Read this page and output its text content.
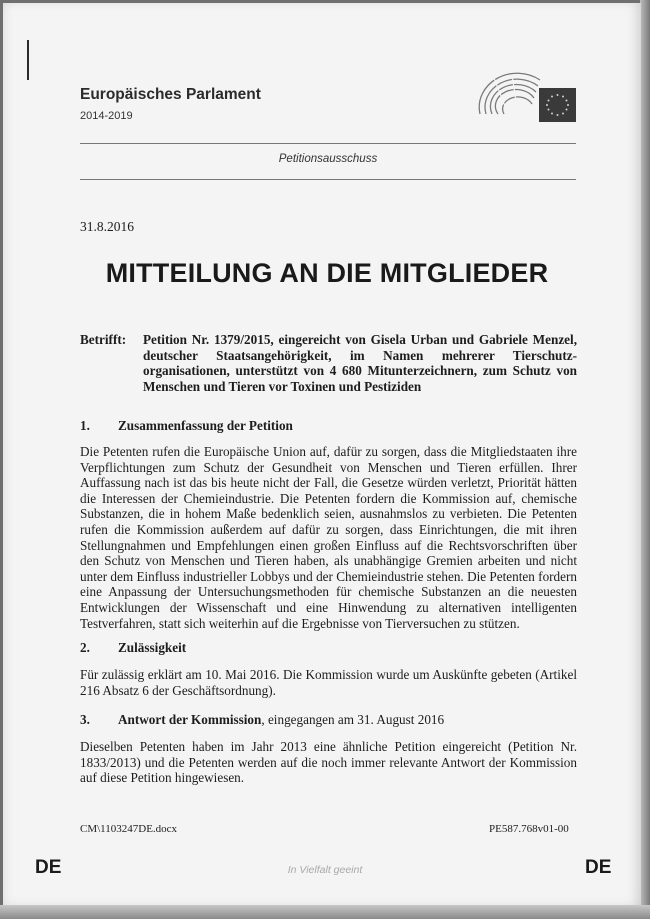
Europäisches Parlament
2014-2019
Petitionsausschuss
31.8.2016
MITTEILUNG AN DIE MITGLIEDER
Betrifft: Petition Nr. 1379/2015, eingereicht von Gisela Urban und Gabriele Menzel, deutscher Staatsangehörigkeit, im Namen mehrerer Tierschutz-organisationen, unterstützt von 4 680 Mitunterzeichnern, zum Schutz von Menschen und Tieren vor Toxinen und Pestiziden
1. Zusammenfassung der Petition
Die Petenten rufen die Europäische Union auf, dafür zu sorgen, dass die Mitgliedstaaten ihre Verpflichtungen zum Schutz der Gesundheit von Menschen und Tieren erfüllen. Ihrer Auffassung nach ist das bis heute nicht der Fall, die Gesetze würden verletzt, Priorität hätten die Interessen der Chemieindustrie. Die Petenten fordern die Kommission auf, chemische Substanzen, die in hohem Maße bedenklich seien, ausnahmslos zu verbieten. Die Petenten rufen die Kommission außerdem auf dafür zu sorgen, dass Einrichtungen, die mit ihren Stellungnahmen und Empfehlungen einen großen Einfluss auf die Rechtsvorschriften über den Schutz von Menschen und Tieren haben, als unabhängige Gremien arbeiten und nicht unter dem Einfluss industrieller Lobbys und der Chemieindustrie stehen. Die Petenten fordern eine Anpassung der Untersuchungsmethoden für chemische Substanzen an die neuesten Entwicklungen der Wissenschaft und eine Hinwendung zu alternativen intelligenten Testverfahren, statt sich weiterhin auf die Ergebnisse von Tierversuchen zu stützen.
2. Zulässigkeit
Für zulässig erklärt am 10. Mai 2016. Die Kommission wurde um Auskünfte gebeten (Artikel 216 Absatz 6 der Geschäftsordnung).
3. Antwort der Kommission, eingegangen am 31. August 2016
Dieselben Petenten haben im Jahr 2013 eine ähnliche Petition eingereicht (Petition Nr. 1833/2013) und die Petenten werden auf die noch immer relevante Antwort der Kommission auf diese Petition hingewiesen.
CM\1103247DE.docx	PE587.768v01-00
DE	In Vielfalt geeint	DE
